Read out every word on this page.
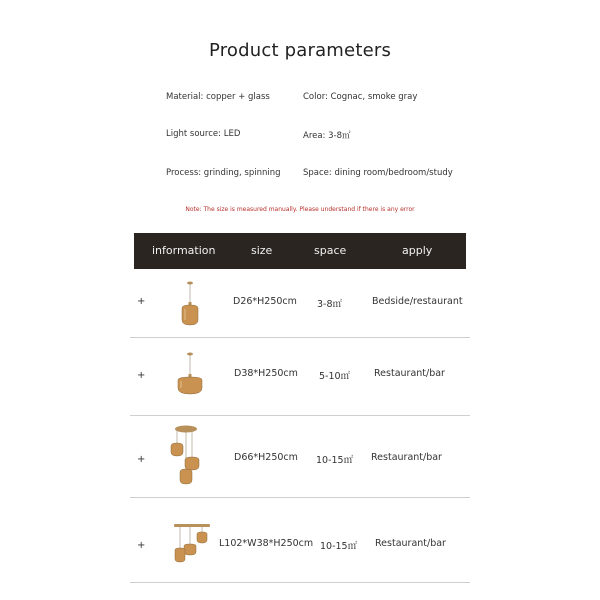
Product parameters
Material: copper + glass	Color: Cognac, smoke gray
Light source: LED	Area: 3-8㎡
Process: grinding, spinning	Space: dining room/bedroom/study
Note: The size is measured manually. Please understand if there is any error
information	size	space	apply
+	D26*H250cm 3-8㎡	Bedside/restaurant
+	D38*H250cm 5-10㎡	Restaurant/bar
+	D66*H250cm 10-15㎡ Restaurant/bar
+	L102*W38*H250cm 10-15㎡ Restaurant/bar
